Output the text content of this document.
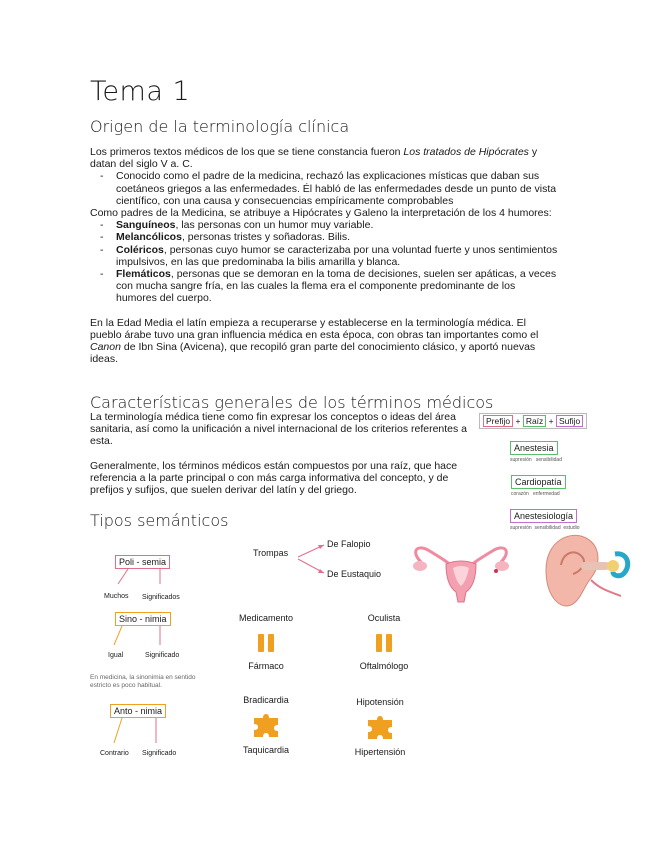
Tema 1
Origen de la terminología clínica
Los primeros textos médicos de los que se tiene constancia fueron Los tratados de Hipócrates y datan del siglo V a. C.
- Conocido como el padre de la medicina, rechazó las explicaciones místicas que daban sus coetáneos griegos a las enfermedades. Él habló de las enfermedades desde un punto de vista científico, con una causa y consecuencias empíricamente comprobables
Como padres de la Medicina, se atribuye a Hipócrates y Galeno la interpretación de los 4 humores:
- Sanguíneos, las personas con un humor muy variable.
- Melancólicos, personas tristes y soñadoras. Bilis.
- Coléricos, personas cuyo humor se caracterizaba por una voluntad fuerte y unos sentimientos impulsivos, en las que predominaba la bilis amarilla y blanca.
- Flemáticos, personas que se demoran en la toma de decisiones, suelen ser apáticas, a veces con mucha sangre fría, en las cuales la flema era el componente predominante de los humores del cuerpo.
En la Edad Media el latín empieza a recuperarse y establecerse en la terminología médica. El pueblo árabe tuvo una gran influencia médica en esta época, con obras tan importantes como el Canon de Ibn Sina (Avicena), que recopiló gran parte del conocimiento clásico, y aportó nuevas ideas.
Características generales de los términos médicos
La terminología médica tiene como fin expresar los conceptos o ideas del área sanitaria, así como la unificación a nivel internacional de los criterios referentes a esta.
Generalmente, los términos médicos están compuestos por una raíz, que hace referencia a la parte principal o con más carga informativa del concepto, y de prefijos y sufijos, que suelen derivar del latín y del griego.
Prefijo + Raíz + Sufijo
Anestesia
supresión sensibilidad
Cardiopatía
corazón enfermedad
Anestesiología
supresión sensibilidad estudio
Tipos semánticos
Poli - semia
Muchos Significados
Sino - nimia
Igual	Significado
En medicina, la sinonimia en sentido estricto es poco habitual.
Anto - nimia
Contrario Significado
Trompas
De Falopio
De Eustaquio
Medicamento
Fármaco
Oculista
Oftalmólogo
Bradicardia
Taquicardia
Hipotensión
Hipertensión
